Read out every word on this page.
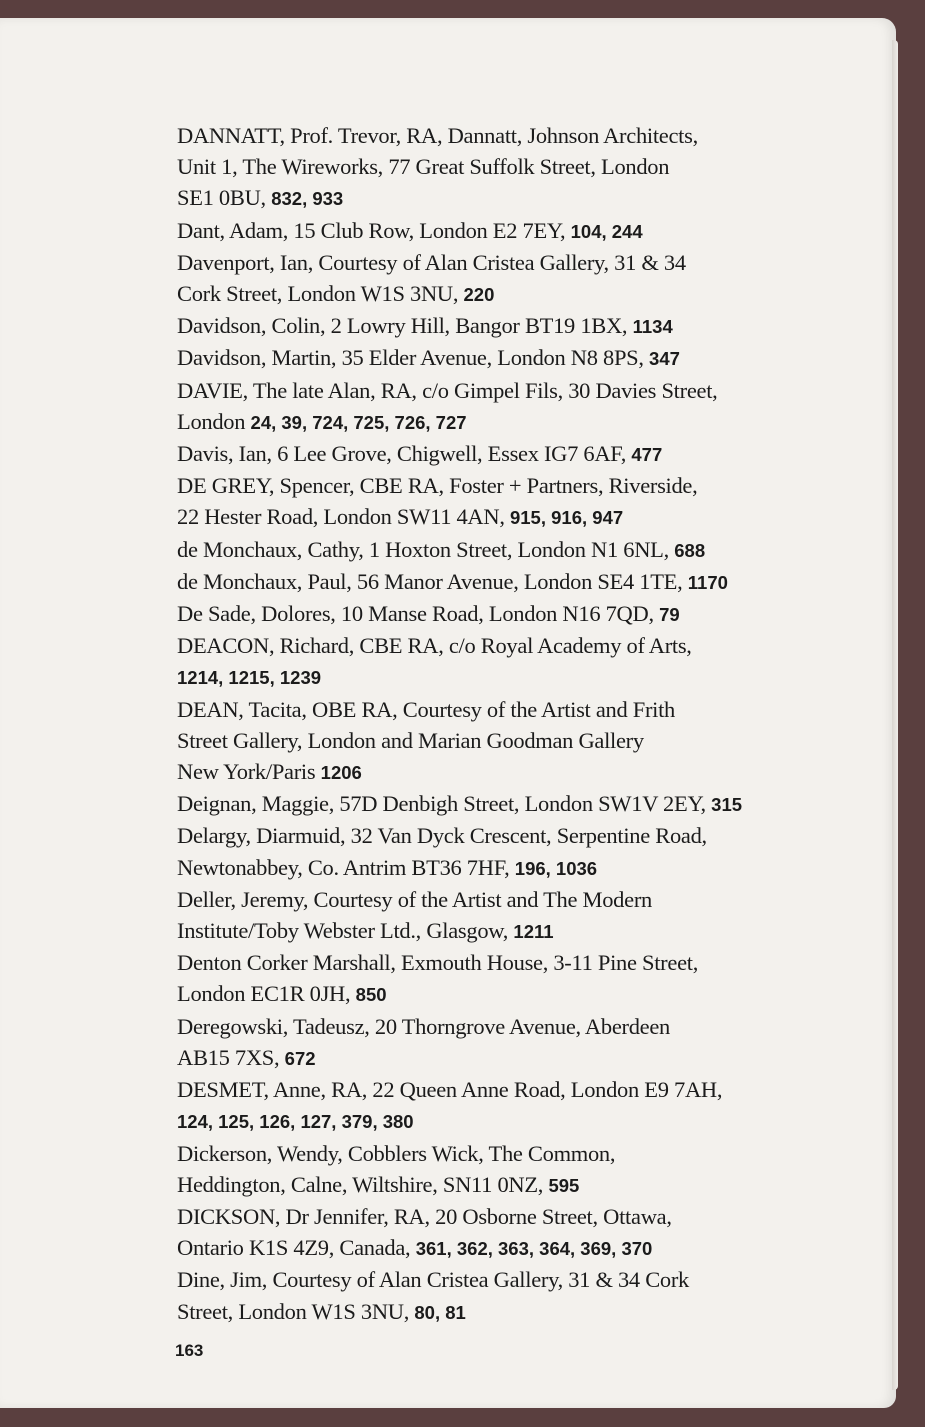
DANNATT, Prof. Trevor, RA, Dannatt, Johnson Architects,
Unit 1, The Wireworks, 77 Great Suffolk Street, London
SE1 0BU, 832, 933
Dant, Adam, 15 Club Row, London E2 7EY, 104, 244
Davenport, Ian, Courtesy of Alan Cristea Gallery, 31 & 34
Cork Street, London W1S 3NU, 220
Davidson, Colin, 2 Lowry Hill, Bangor BT19 1BX, 1134
Davidson, Martin, 35 Elder Avenue, London N8 8PS, 347
DAVIE, The late Alan, RA, c/o Gimpel Fils, 30 Davies Street,
London 24, 39, 724, 725, 726, 727
Davis, Ian, 6 Lee Grove, Chigwell, Essex IG7 6AF, 477
DE GREY, Spencer, CBE RA, Foster + Partners, Riverside,
22 Hester Road, London SW11 4AN, 915, 916, 947
de Monchaux, Cathy, 1 Hoxton Street, London N1 6NL, 688
de Monchaux, Paul, 56 Manor Avenue, London SE4 1TE, 1170
De Sade, Dolores, 10 Manse Road, London N16 7QD, 79
DEACON, Richard, CBE RA, c/o Royal Academy of Arts,
1214, 1215, 1239
DEAN, Tacita, OBE RA, Courtesy of the Artist and Frith
Street Gallery, London and Marian Goodman Gallery
New York/Paris 1206
Deignan, Maggie, 57D Denbigh Street, London SW1V 2EY, 315
Delargy, Diarmuid, 32 Van Dyck Crescent, Serpentine Road,
Newtonabbey, Co. Antrim BT36 7HF, 196, 1036
Deller, Jeremy, Courtesy of the Artist and The Modern
Institute/Toby Webster Ltd., Glasgow, 1211
Denton Corker Marshall, Exmouth House, 3-11 Pine Street,
London EC1R 0JH, 850
Deregowski, Tadeusz, 20 Thorngrove Avenue, Aberdeen
AB15 7XS, 672
DESMET, Anne, RA, 22 Queen Anne Road, London E9 7AH,
124, 125, 126, 127, 379, 380
Dickerson, Wendy, Cobblers Wick, The Common,
Heddington, Calne, Wiltshire, SN11 0NZ, 595
DICKSON, Dr Jennifer, RA, 20 Osborne Street, Ottawa,
Ontario K1S 4Z9, Canada, 361, 362, 363, 364, 369, 370
Dine, Jim, Courtesy of Alan Cristea Gallery, 31 & 34 Cork
Street, London W1S 3NU, 80, 81
163
